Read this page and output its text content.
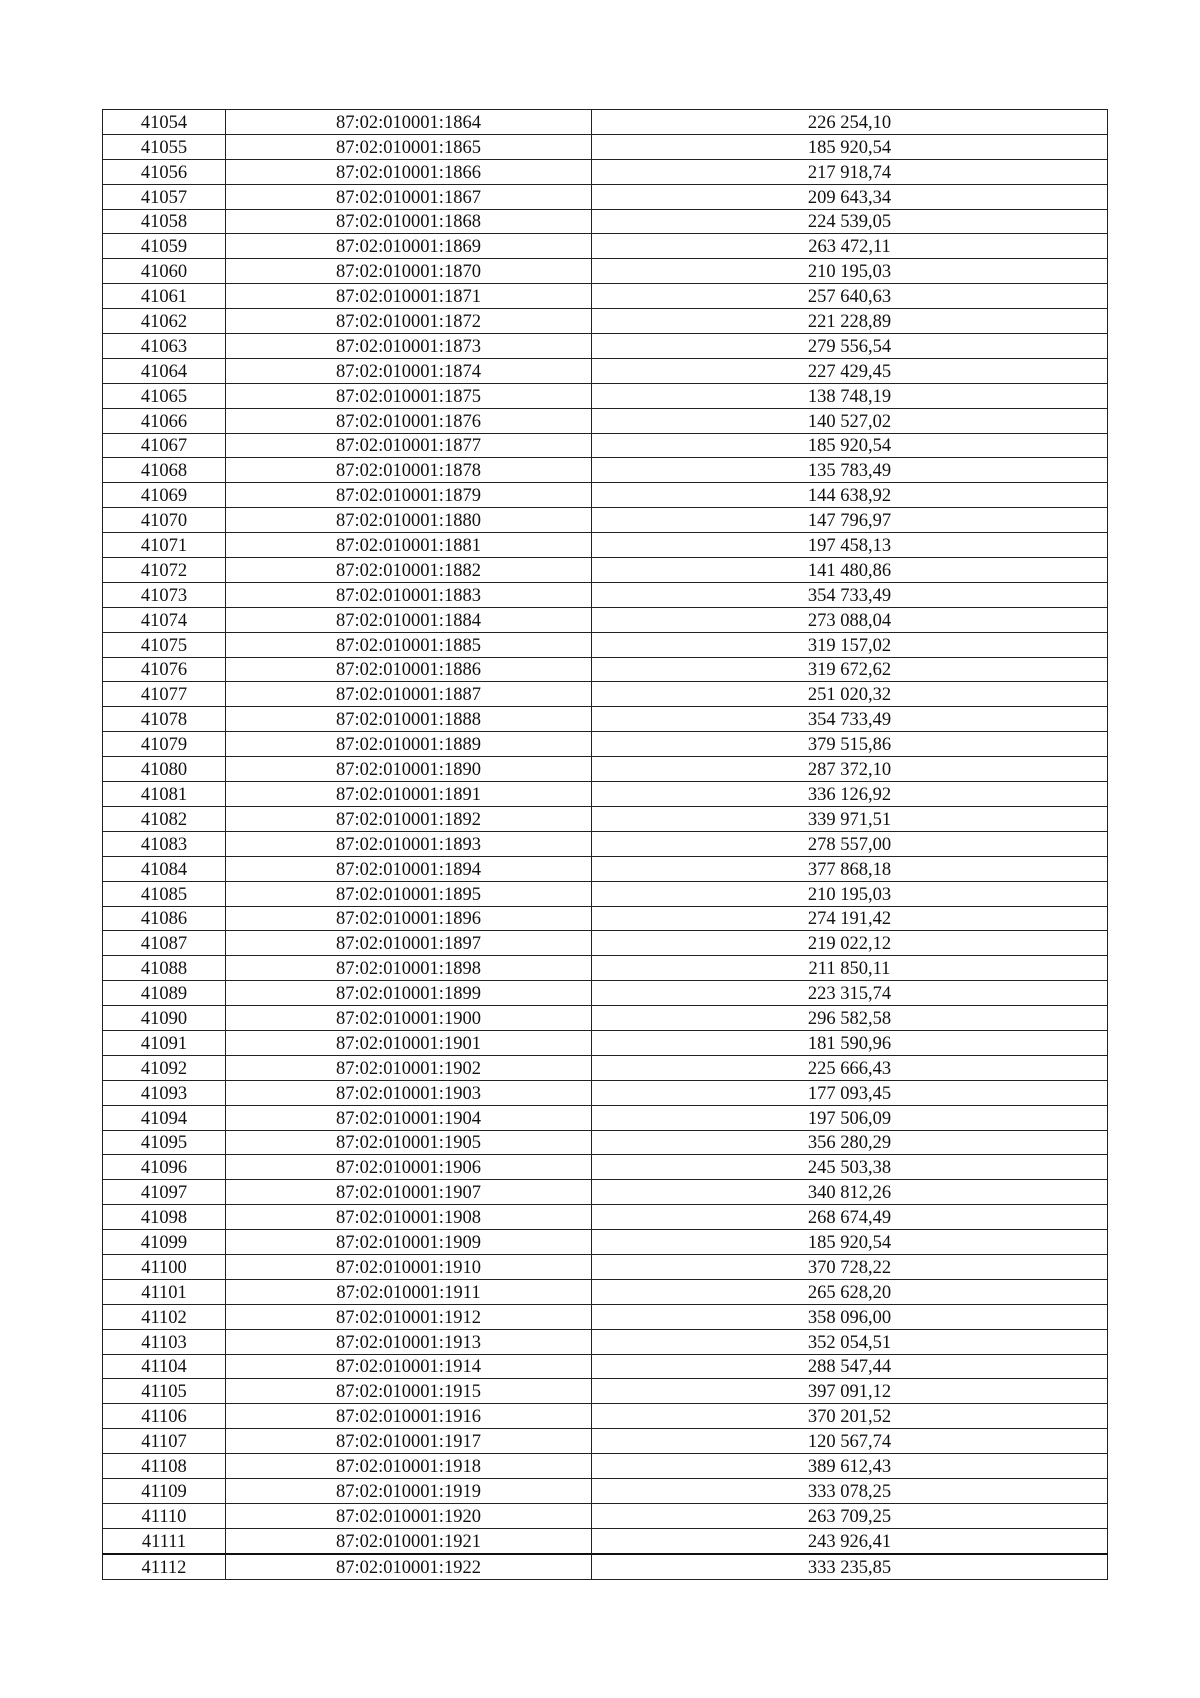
41054	87:02:010001:1864	226 254,10
41055	87:02:010001:1865	185 920,54
41056	87:02:010001:1866	217 918,74
41057	87:02:010001:1867	209 643,34
41058	87:02:010001:1868	224 539,05
41059	87:02:010001:1869	263 472,11
41060	87:02:010001:1870	210 195,03
41061	87:02:010001:1871	257 640,63
41062	87:02:010001:1872	221 228,89
41063	87:02:010001:1873	279 556,54
41064	87:02:010001:1874	227 429,45
41065	87:02:010001:1875	138 748,19
41066	87:02:010001:1876	140 527,02
41067	87:02:010001:1877	185 920,54
41068	87:02:010001:1878	135 783,49
41069	87:02:010001:1879	144 638,92
41070	87:02:010001:1880	147 796,97
41071	87:02:010001:1881	197 458,13
41072	87:02:010001:1882	141 480,86
41073	87:02:010001:1883	354 733,49
41074	87:02:010001:1884	273 088,04
41075	87:02:010001:1885	319 157,02
41076	87:02:010001:1886	319 672,62
41077	87:02:010001:1887	251 020,32
41078	87:02:010001:1888	354 733,49
41079	87:02:010001:1889	379 515,86
41080	87:02:010001:1890	287 372,10
41081	87:02:010001:1891	336 126,92
41082	87:02:010001:1892	339 971,51
41083	87:02:010001:1893	278 557,00
41084	87:02:010001:1894	377 868,18
41085	87:02:010001:1895	210 195,03
41086	87:02:010001:1896	274 191,42
41087	87:02:010001:1897	219 022,12
41088	87:02:010001:1898	211 850,11
41089	87:02:010001:1899	223 315,74
41090	87:02:010001:1900	296 582,58
41091	87:02:010001:1901	181 590,96
41092	87:02:010001:1902	225 666,43
41093	87:02:010001:1903	177 093,45
41094	87:02:010001:1904	197 506,09
41095	87:02:010001:1905	356 280,29
41096	87:02:010001:1906	245 503,38
41097	87:02:010001:1907	340 812,26
41098	87:02:010001:1908	268 674,49
41099	87:02:010001:1909	185 920,54
41100	87:02:010001:1910	370 728,22
41101	87:02:010001:1911	265 628,20
41102	87:02:010001:1912	358 096,00
41103	87:02:010001:1913	352 054,51
41104	87:02:010001:1914	288 547,44
41105	87:02:010001:1915	397 091,12
41106	87:02:010001:1916	370 201,52
41107	87:02:010001:1917	120 567,74
41108	87:02:010001:1918	389 612,43
41109	87:02:010001:1919	333 078,25
41110	87:02:010001:1920	263 709,25
41111	87:02:010001:1921	243 926,41
41112	87:02:010001:1922	333 235,85
